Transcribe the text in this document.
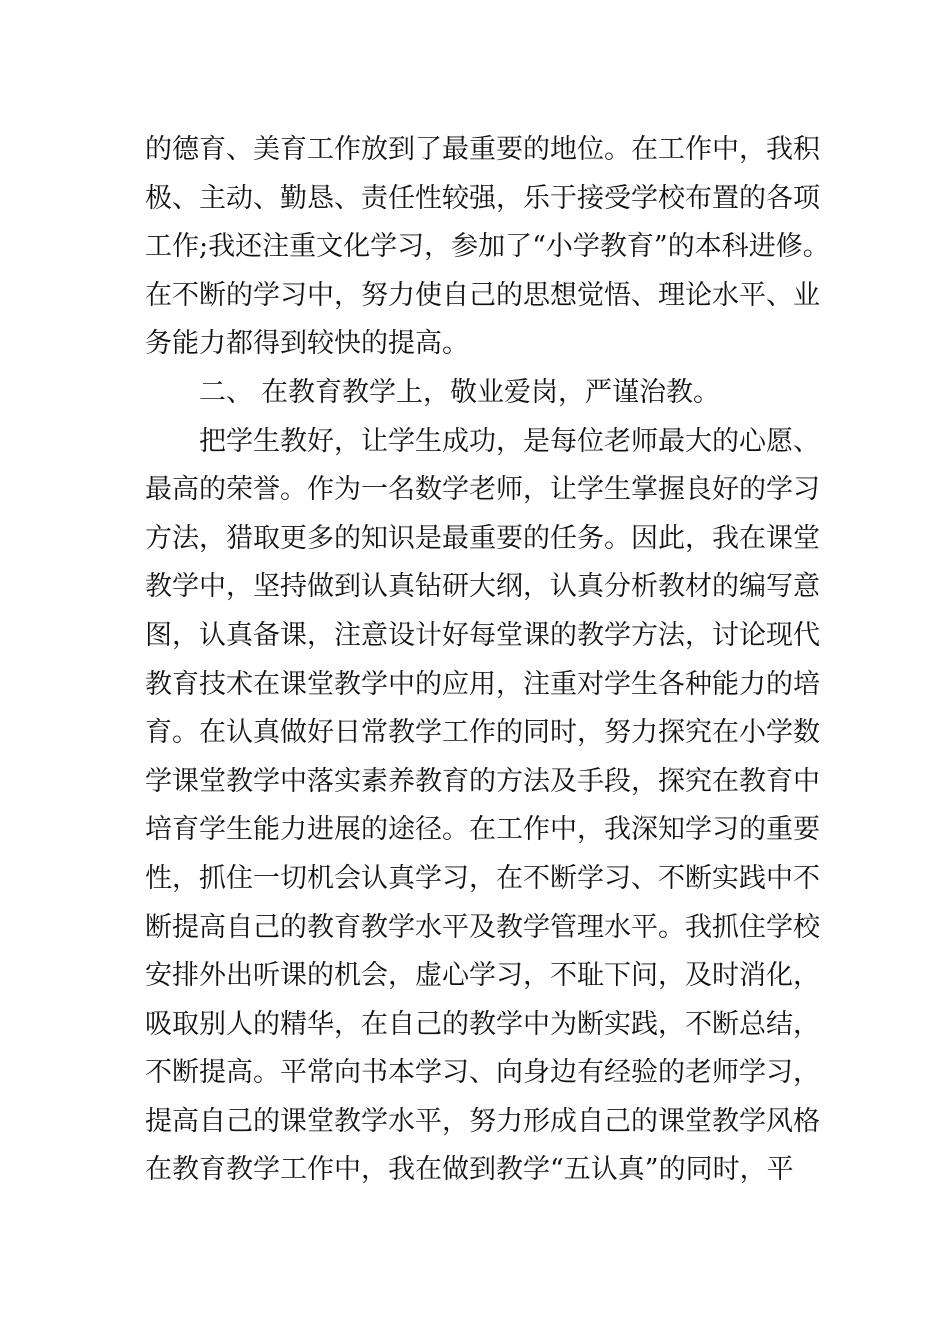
的德育、美育工作放到了最重要的地位。在工作中，我积
极、主动、勤恳、责任性较强，乐于接受学校布置的各项
工作;我还注重文化学习，参加了“小学教育”的本科进修。
在不断的学习中，努力使自己的思想觉悟、理论水平、业
务能力都得到较快的提高。
二、 在教育教学上，敬业爱岗，严谨治教。
把学生教好，让学生成功，是每位老师最大的心愿、
最高的荣誉。作为一名数学老师，让学生掌握良好的学习
方法，猎取更多的知识是最重要的任务。因此，我在课堂
教学中，坚持做到认真钻研大纲，认真分析教材的编写意
图，认真备课，注意设计好每堂课的教学方法，讨论现代
教育技术在课堂教学中的应用，注重对学生各种能力的培
育。在认真做好日常教学工作的同时，努力探究在小学数
学课堂教学中落实素养教育的方法及手段，探究在教育中
培育学生能力进展的途径。在工作中，我深知学习的重要
性，抓住一切机会认真学习，在不断学习、不断实践中不
断提高自己的教育教学水平及教学管理水平。我抓住学校
安排外出听课的机会，虚心学习，不耻下问，及时消化，
吸取别人的精华，在自己的教学中为断实践，不断总结，
不断提高。平常向书本学习、向身边有经验的老师学习，
提高自己的课堂教学水平，努力形成自己的课堂教学风格
在教育教学工作中，我在做到教学“五认真”的同时，平
